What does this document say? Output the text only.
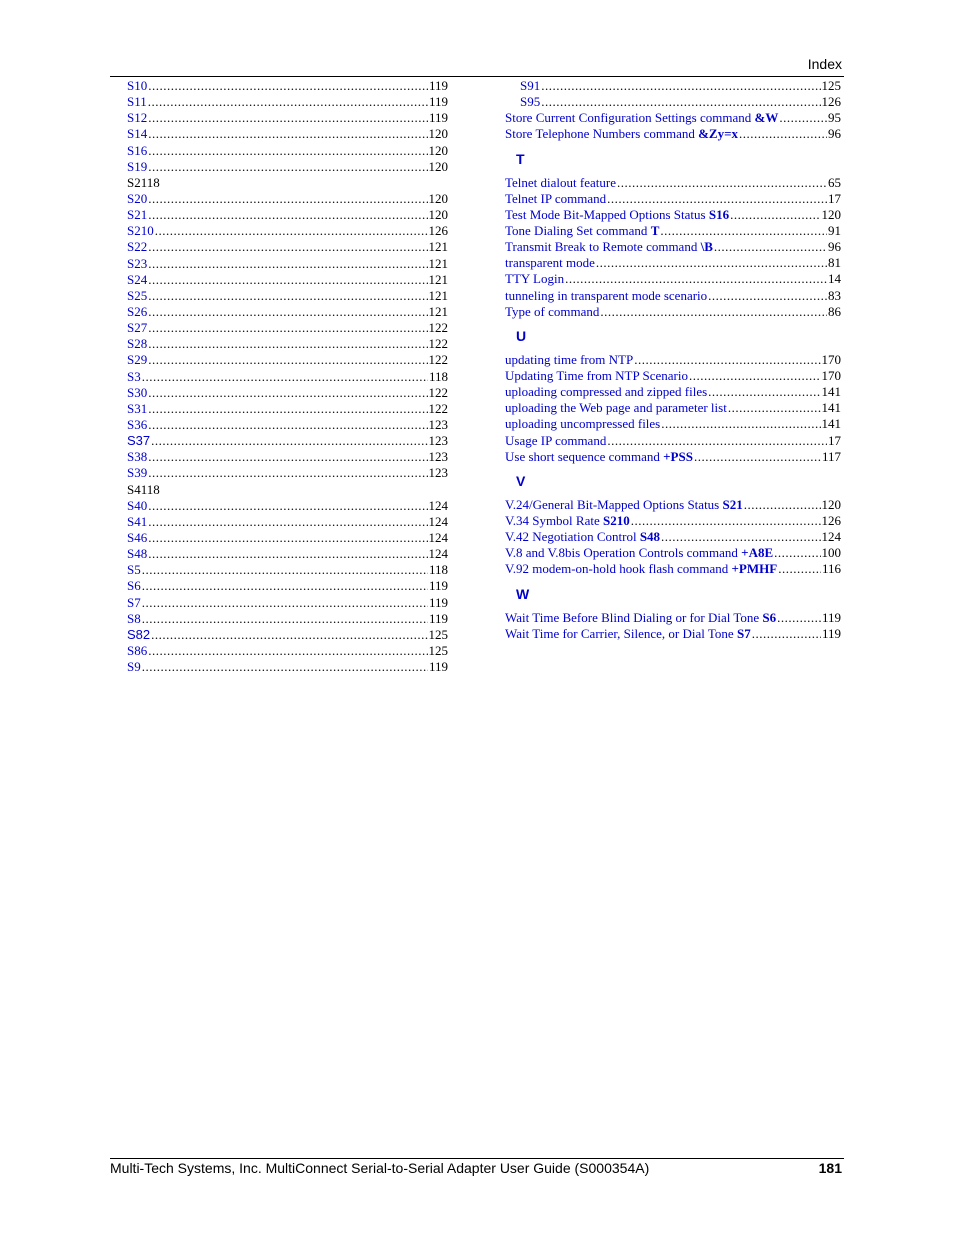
Index
S10 .....	119
S11 .....	119
S12 .....	119
S14 .....	120
S16 .....	120
S19 .....	120
S2 118
S20 .....	120
S21 .....	120
S210 .....	126
S22 .....	121
S23 .....	121
S24 .....	121
S25 .....	121
S26 .....	121
S27 .....	122
S28 .....	122
S29 .....	122
S3 .....	118
S30 .....	122
S31 .....	122
S36 .....	123
S37 .....	123
S38 .....	123
S39 .....	123
S4 118
S40 .....	124
S41 .....	124
S46 .....	124
S48 .....	124
S5 .....	118
S6 .....	119
S7 .....	119
S8 .....	119
S82 .....	125
S86 .....	125
S9 .....	119
S91 .....	125
S95 .....	126
Store Current Configuration Settings command &W .....	95
Store Telephone Numbers command &Zy=x .....	96
T
Telnet dialout feature .....	65
Telnet IP command .....	17
Test Mode Bit-Mapped Options Status S16 .....	120
Tone Dialing Set command T .....	91
Transmit Break to Remote command \B .....	96
transparent mode .....	81
TTY Login .....	14
tunneling in transparent mode scenario .....	83
Type of command .....	86
U
updating time from NTP .....	170
Updating Time from NTP Scenario .....	170
uploading compressed and zipped files .....	141
uploading the Web page and parameter list .....	141
uploading uncompressed files .....	141
Usage IP command .....	17
Use short sequence command +PSS .....	117
V
V.24/General Bit-Mapped Options Status S21 .....	120
V.34 Symbol Rate S210 .....	126
V.42 Negotiation Control S48 .....	124
V.8 and V.8bis Operation Controls command +A8E .....	100
V.92 modem-on-hold hook flash command +PMHF .....	116
W
Wait Time Before Blind Dialing or for Dial Tone S6 .....	119
Wait Time for Carrier, Silence, or Dial Tone S7 .....	119
Multi-Tech Systems, Inc. MultiConnect Serial-to-Serial Adapter User Guide (S000354A)	181
